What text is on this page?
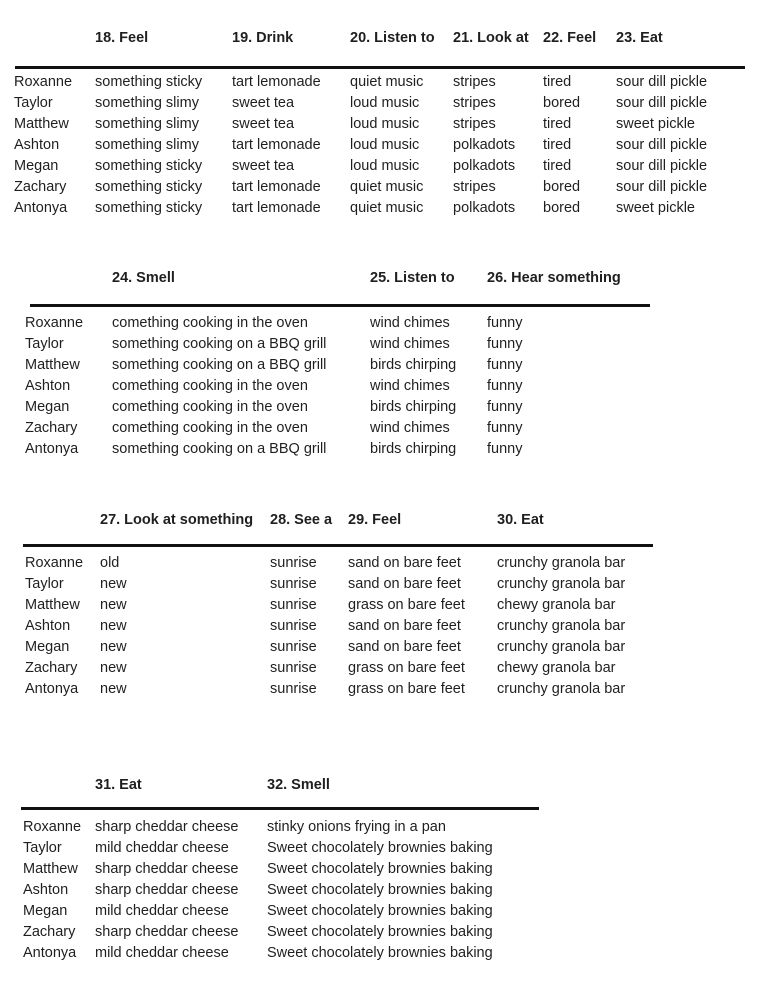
18. Feel	19. Drink	20. Listen to	21. Look at 22. Feel	23. Eat
Roxanne	something sticky	tart lemonade	quiet music	stripes	tired	sour dill pickle
Taylor	something slimy	sweet tea	loud music	stripes	bored	sour dill pickle
Matthew	something slimy	sweet tea	loud music	stripes	tired	sweet pickle
Ashton	something slimy	tart lemonade	loud music	polkadots	tired	sour dill pickle
Megan	something sticky	sweet tea	loud music	polkadots	tired	sour dill pickle
Zachary	something sticky	tart lemonade	quiet music	stripes	bored	sour dill pickle
Antonya	something sticky	tart lemonade	quiet music	polkadots	bored	sweet pickle
24. Smell	25. Listen to	26. Hear something
Roxanne	comething cooking in the oven	wind chimes	funny
Taylor	something cooking on a BBQ grill	wind chimes	funny
Matthew	something cooking on a BBQ grill	birds chirping	funny
Ashton	comething cooking in the oven	wind chimes	funny
Megan	comething cooking in the oven	birds chirping	funny
Zachary	comething cooking in the oven	wind chimes	funny
Antonya	something cooking on a BBQ grill	birds chirping	funny
27. Look at something	28. See a	29. Feel	30. Eat
Roxanne	old	sunrise	sand on bare feet	crunchy granola bar
Taylor	new	sunrise	sand on bare feet	crunchy granola bar
Matthew	new	sunrise	grass on bare feet	chewy granola bar
Ashton	new	sunrise	sand on bare feet	crunchy granola bar
Megan	new	sunrise	sand on bare feet	crunchy granola bar
Zachary	new	sunrise	grass on bare feet	chewy granola bar
Antonya	new	sunrise	grass on bare feet	crunchy granola bar
31. Eat	32. Smell
Roxanne sharp cheddar cheese	stinky onions frying in a pan
Taylor	mild cheddar cheese	Sweet chocolately brownies baking
Matthew	sharp cheddar cheese	Sweet chocolately brownies baking
Ashton	sharp cheddar cheese	Sweet chocolately brownies baking
Megan	mild cheddar cheese	Sweet chocolately brownies baking
Zachary	sharp cheddar cheese	Sweet chocolately brownies baking
Antonya	mild cheddar cheese	Sweet chocolately brownies baking
